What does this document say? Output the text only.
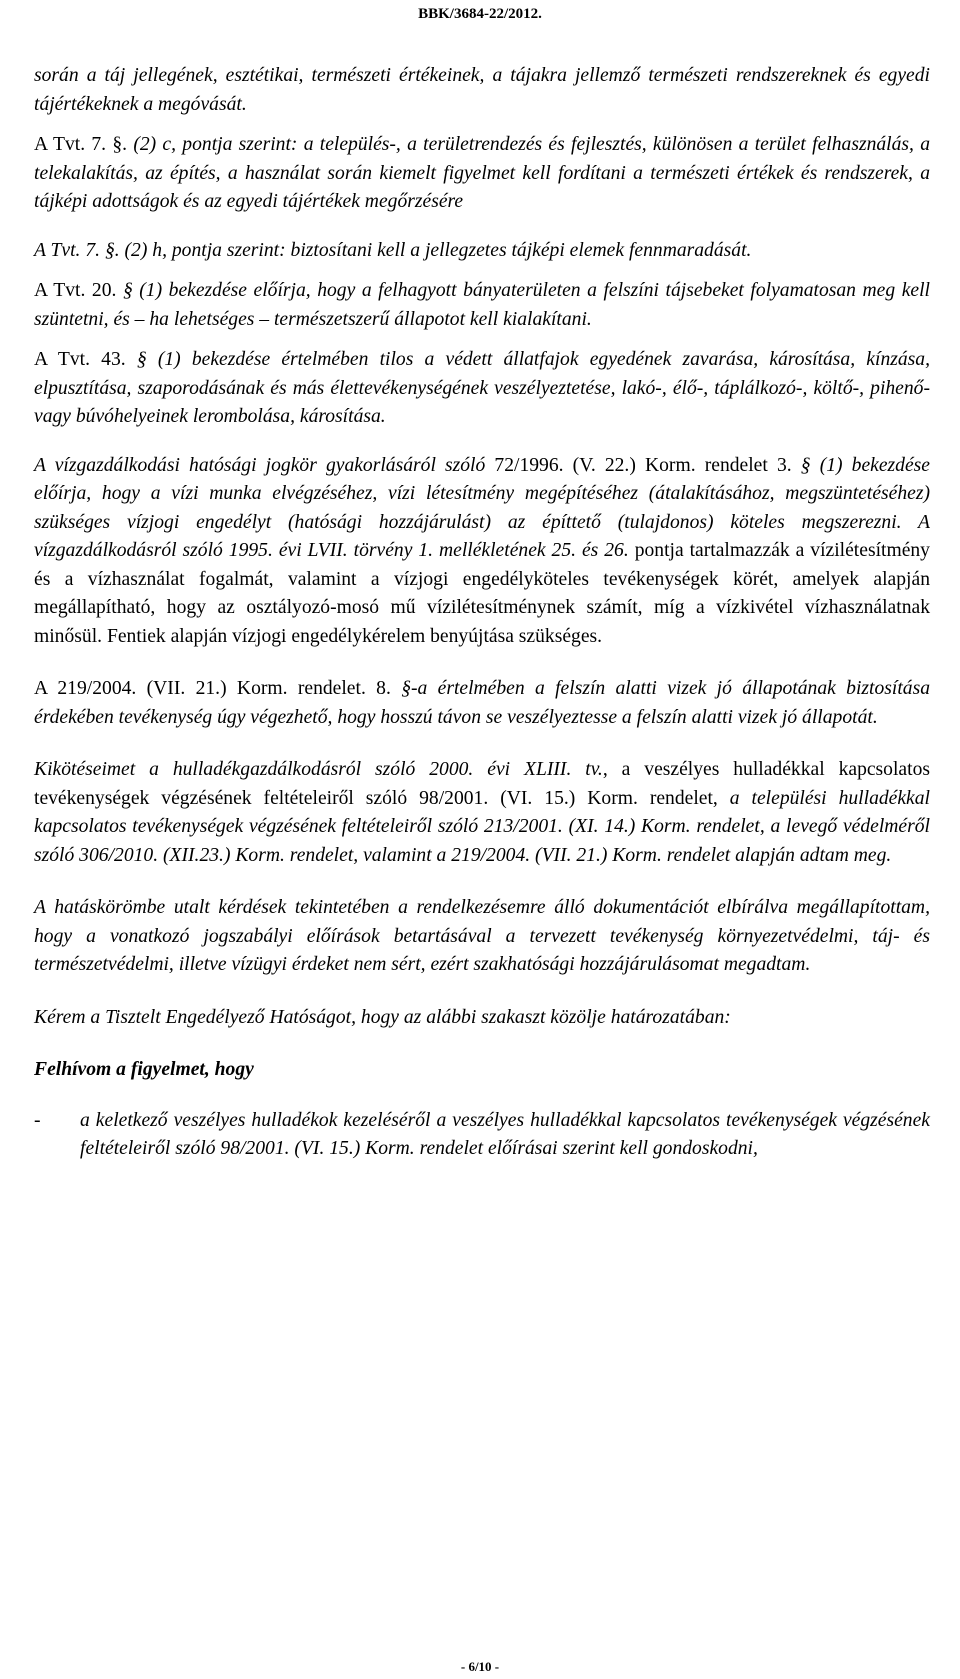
BBK/3684-22/2012.

során a táj jellegének, esztétikai, természeti értékeinek, a tájakra jellemző természeti rendszereknek és egyedi tájértékeknek a megóvását.

A Tvt. 7. §. (2) c, pontja szerint: a település-, a területrendezés és fejlesztés, különösen a terület felhasználás, a telekalakítás, az építés, a használat során kiemelt figyelmet kell fordítani a természeti értékek és rendszerek, a tájképi adottságok és az egyedi tájértékek megőrzésére

A Tvt. 7. §. (2) h, pontja szerint: biztosítani kell a jellegzetes tájképi elemek fennmaradását.

A Tvt. 20. § (1) bekezdése előírja, hogy a felhagyott bányaterületen a felszíni tájsebeket folyamatosan meg kell szüntetni, és – ha lehetséges – természetszerű állapotot kell kialakítani.

A Tvt. 43. § (1) bekezdése értelmében tilos a védett állatfajok egyedének zavarása, károsítása, kínzása, elpusztítása, szaporodásának és más élettevékenységének veszélyeztetése, lakó-, élő-, táplálkozó-, költő-, pihenő- vagy búvóhelyeinek lerombolása, károsítása.

A vízgazdálkodási hatósági jogkör gyakorlásáról szóló 72/1996. (V. 22.) Korm. rendelet 3. § (1) bekezdése előírja, hogy a vízi munka elvégzéséhez, vízi létesítmény megépítéséhez (átalakításához, megszüntetéséhez) szükséges vízjogi engedélyt (hatósági hozzájárulást) az építtető (tulajdonos) köteles megszerezni. A vízgazdálkodásról szóló 1995. évi LVII. törvény 1. mellékletének 25. és 26. pontja tartalmazzák a vízilétesítmény és a vízhasználat fogalmát, valamint a vízjogi engedélyköteles tevékenységek körét, amelyek alapján megállapítható, hogy az osztályozó-mosó mű vízilétesítménynek számít, míg a vízkivétel vízhasználatnak minősül. Fentiek alapján vízjogi engedélykérelem benyújtása szükséges.

A 219/2004. (VII. 21.) Korm. rendelet. 8. §-a értelmében a felszín alatti vizek jó állapotának biztosítása érdekében tevékenység úgy végezhető, hogy hosszú távon se veszélyeztesse a felszín alatti vizek jó állapotát.

Kikötéseimet a hulladékgazdálkodásról szóló 2000. évi XLIII. tv., a veszélyes hulladékkal kapcsolatos tevékenységek végzésének feltételeiről szóló 98/2001. (VI. 15.) Korm. rendelet, a települési hulladékkal kapcsolatos tevékenységek végzésének feltételeiről szóló 213/2001. (XI. 14.) Korm. rendelet, a levegő védelméről szóló 306/2010. (XII.23.) Korm. rendelet, valamint a 219/2004. (VII. 21.) Korm. rendelet alapján adtam meg.

A hatáskörömbe utalt kérdések tekintetében a rendelkezésemre álló dokumentációt elbírálva megállapítottam, hogy a vonatkozó jogszabályi előírások betartásával a tervezett tevékenység környezetvédelmi, táj- és természetvédelmi, illetve vízügyi érdeket nem sért, ezért szakhatósági hozzájárulásomat megadtam.

Kérem a Tisztelt Engedélyező Hatóságot, hogy az alábbi szakaszt közölje határozatában:

Felhívom a figyelmet, hogy

-	a keletkező veszélyes hulladékok kezeléséről a veszélyes hulladékkal kapcsolatos tevékenységek végzésének feltételeiről szóló 98/2001. (VI. 15.) Korm. rendelet előírásai szerint kell gondoskodni,
- 6/10 -
